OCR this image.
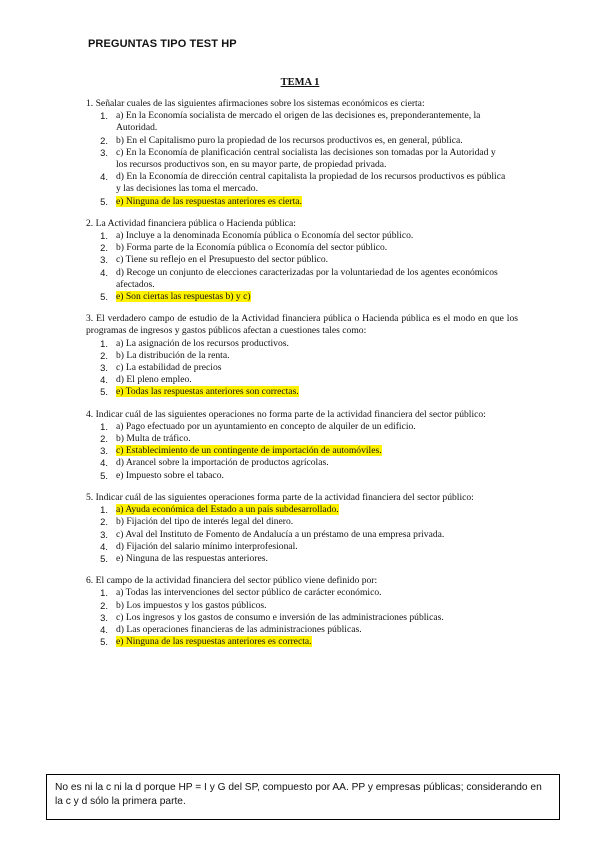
PREGUNTAS TIPO TEST HP
TEMA 1
1. Señalar cuales de las siguientes afirmaciones sobre los sistemas económicos es cierta:
1. a) En la Economía socialista de mercado el origen de las decisiones es, preponderantemente, la Autoridad.
2. b) En el Capitalismo puro la propiedad de los recursos productivos es, en general, pública.
3. c) En la Economía de planificación central socialista las decisiones son tomadas por la Autoridad y los recursos productivos son, en su mayor parte, de propiedad privada.
4. d) En la Economía de dirección central capitalista la propiedad de los recursos productivos es pública y las decisiones las toma el mercado.
5. e) Ninguna de las respuestas anteriores es cierta.
2. La Actividad financiera pública o Hacienda pública:
1. a) Incluye a la denominada Economía pública o Economía del sector público.
2. b) Forma parte de la Economía pública o Economía del sector público.
3. c) Tiene su reflejo en el Presupuesto del sector público.
4. d) Recoge un conjunto de elecciones caracterizadas por la voluntariedad de los agentes económicos afectados.
5. e) Son ciertas las respuestas b) y c)
3. El verdadero campo de estudio de la Actividad financiera pública o Hacienda pública es el modo en que los programas de ingresos y gastos públicos afectan a cuestiones tales como:
1. a) La asignación de los recursos productivos.
2. b) La distribución de la renta.
3. c) La estabilidad de precios
4. d) El pleno empleo.
5. e) Todas las respuestas anteriores son correctas.
4. Indicar cuál de las siguientes operaciones no forma parte de la actividad financiera del sector público:
1. a) Pago efectuado por un ayuntamiento en concepto de alquiler de un edificio.
2. b) Multa de tráfico.
3. c) Establecimiento de un contingente de importación de automóviles.
4. d) Arancel sobre la importación de productos agrícolas.
5. e) Impuesto sobre el tabaco.
5. Indicar cuál de las siguientes operaciones forma parte de la actividad financiera del sector público:
1. a) Ayuda económica del Estado a un país subdesarrollado.
2. b) Fijación del tipo de interés legal del dinero.
3. c) Aval del Instituto de Fomento de Andalucía a un préstamo de una empresa privada.
4. d) Fijación del salario mínimo interprofesional.
5. e) Ninguna de las respuestas anteriores.
6. El campo de la actividad financiera del sector público viene definido por:
1. a) Todas las intervenciones del sector público de carácter económico.
2. b) Los impuestos y los gastos públicos.
3. c) Los ingresos y los gastos de consumo e inversión de las administraciones públicas.
4. d) Las operaciones financieras de las administraciones públicas.
5. e) Ninguna de las respuestas anteriores es correcta.
No es ni la c ni la d porque HP = I y G del SP, compuesto por AA. PP y empresas públicas; considerando en la c y d sólo la primera parte.
